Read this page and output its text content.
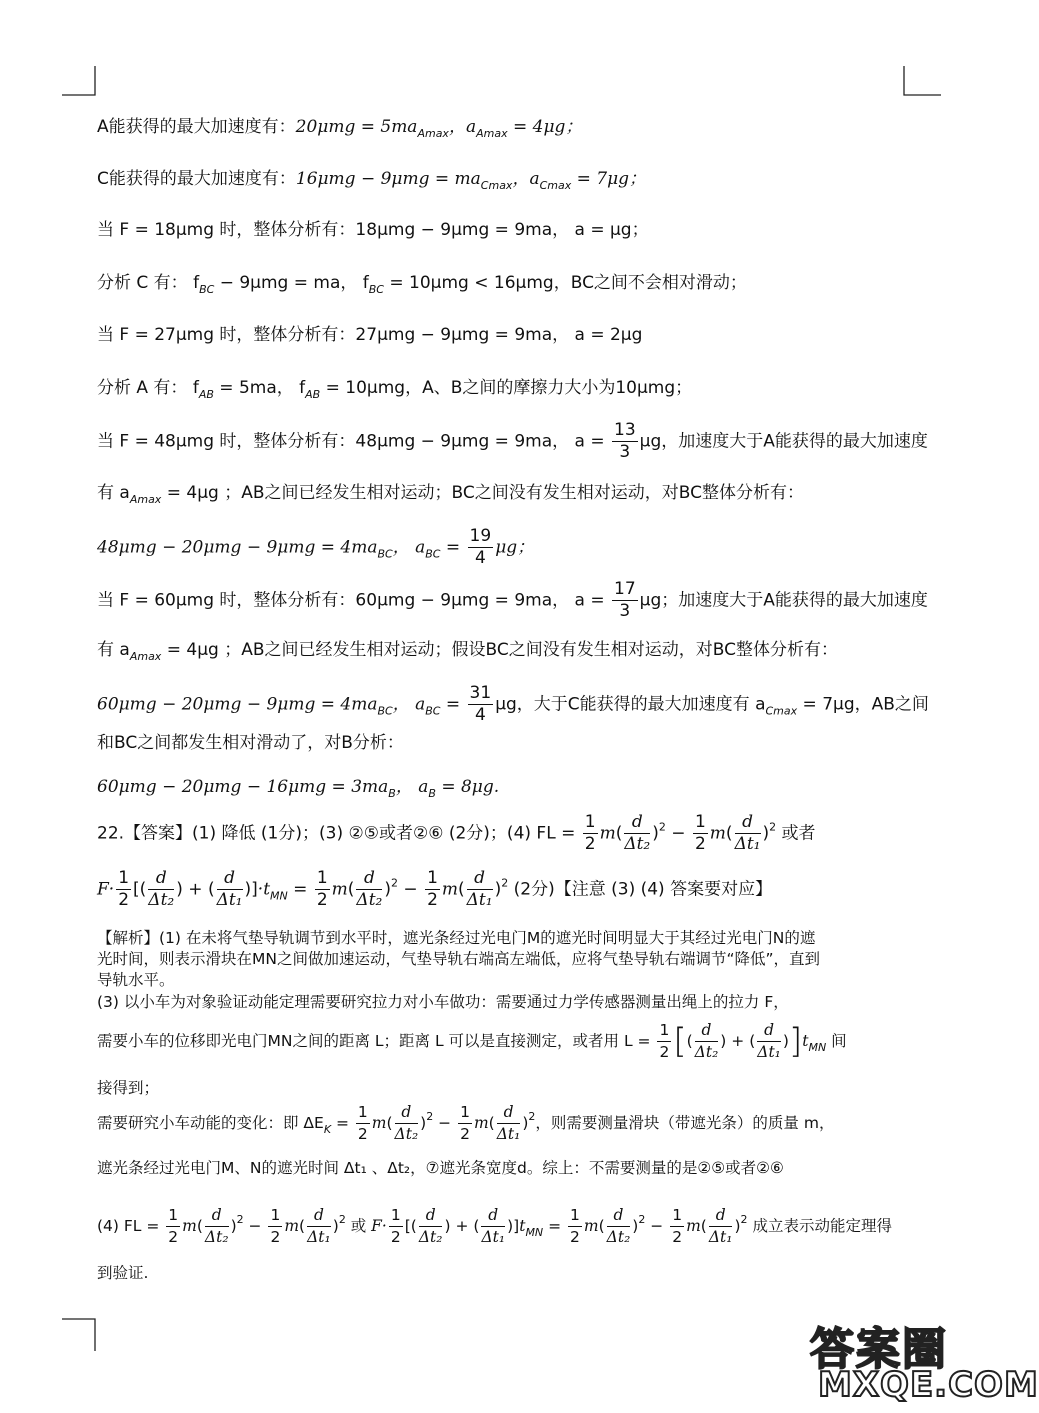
A能获得的最大加速度有：$20\mu mg = 5ma_{Amax}$，$a_{Amax} = 4\mu g$；
C能获得的最大加速度有：$16\mu mg - 9\mu mg = ma_{Cmax}$，$a_{Cmax} = 7\mu g$；
当 F = 18μmg 时，整体分析有：18μmg − 9μmg = 9ma， a = μg；
分析 C 有： $f_{BC} - 9\mu mg$ = ma， $f_{BC} = 10\mu mg < 16\mu mg$，BC之间不会相对滑动；
当 F = 27μmg 时，整体分析有：27μmg − 9μmg = 9ma， a = 2μg
分析 A 有： $f_{AB} = 5ma$， $f_{AB} = 10\mu mg$，A、B之间的摩擦力大小为10μmg；
当 F = 48μmg 时，整体分析有：48μmg − 9μmg = 9ma， $a = \frac{13}{3}$ μg，加速度大于A能获得的最大加速度
有 $a_{Amax} = 4\mu g$ ；AB之间已经发生相对运动；BC之间没有发生相对运动，对BC整体分析有：
$48\mu mg - 20\mu mg - 9\mu mg = 4ma_{BC}$， $a_{BC} = \frac{19}{4}$ μg；
当 F = 60μmg 时，整体分析有：60μmg − 9μmg = 9ma， $a = \frac{17}{3}$ μg；加速度大于A能获得的最大加速度
有 $a_{Amax} = 4\mu g$ ；AB之间已经发生相对运动；假设BC之间没有发生相对运动，对BC整体分析有：
$60\mu mg - 20\mu mg - 9\mu mg = 4ma_{BC}$， $a_{BC} = \frac{31}{4}$ μg，大于C能获得的最大加速度有 $a_{Cmax} = 7\mu g$，AB之间
和BC之间都发生相对滑动了，对B分析：
$60\mu mg - 20\mu mg - 16\mu mg = 3ma_B$， $a_B = 8\mu g$.
22.【答案】(1) 降低 (1分)；(3) ②⑤或者②⑥ (2分)；(4) FL = $\frac{1}{2} m( \frac{d}{\text{Δt₂}} )^2 - \frac{1}{2} m( \frac{d}{\text{Δt₁}} )^2$ 或者
$F\cdot \frac{1}{2}$ [( $\frac{d}{\text{Δt₂}}$ ) + ( $\frac{d}{\text{Δt₁}} )]\cdot t_{MN} = \frac{1}{2} m( \frac{d}{\text{Δt₂}} )^2 - \frac{1}{2} m( \frac{d}{\text{Δt₁}} )^2$ (2分)【注意 (3) (4) 答案要对应】
【解析】(1) 在未将气垫导轨调节到水平时，遮光条经过光电门M的遮光时间明显大于其经过光电门N的遮
光时间，则表示滑块在MN之间做加速运动，气垫导轨右端高左端低，应将气垫导轨右端调节“降低”，直到
导轨水平。
(3) 以小车为对象验证动能定理需要研究拉力对小车做功：需要通过力学传感器测量出绳上的拉力 F，
需要小车的位移即光电门MN之间的距离 L；距离 L 可以是直接测定，或者用 $L = \frac{1}{2}$ [( $\frac{d}{\text{Δt₂}}$ ) + ( $\frac{d}{\text{Δt₁}} )]t_{MN}$ 间
接得到；
需要研究小车动能的变化：即 $\Delta E_K = \frac{1}{2} m( \frac{d}{\text{Δt₂}} )^2 - \frac{1}{2} m( \frac{d}{\text{Δt₁}} )^2$，则需要测量滑块（带遮光条）的质量 m，
遮光条经过光电门M、N的遮光时间 Δt₁ 、Δt₂，⑦遮光条宽度d。综上：不需要测量的是②⑤或者②⑥
(4) FL = $\frac{1}{2} m( \frac{d}{\text{Δt₂}} )^2 - \frac{1}{2} m( \frac{d}{\text{Δt₁}} )^2$ 或 $F\cdot \frac{1}{2}$ [( $\frac{d}{\text{Δt₂}}$ ) + ( $\frac{d}{\text{Δt₁}} )]t_{MN} = \frac{1}{2} m( \frac{d}{\text{Δt₂}} )^2 - \frac{1}{2} m( \frac{d}{\text{Δt₁}} )^2$ 成立表示动能定理得
到验证.
答案圈
MXQE.COM
